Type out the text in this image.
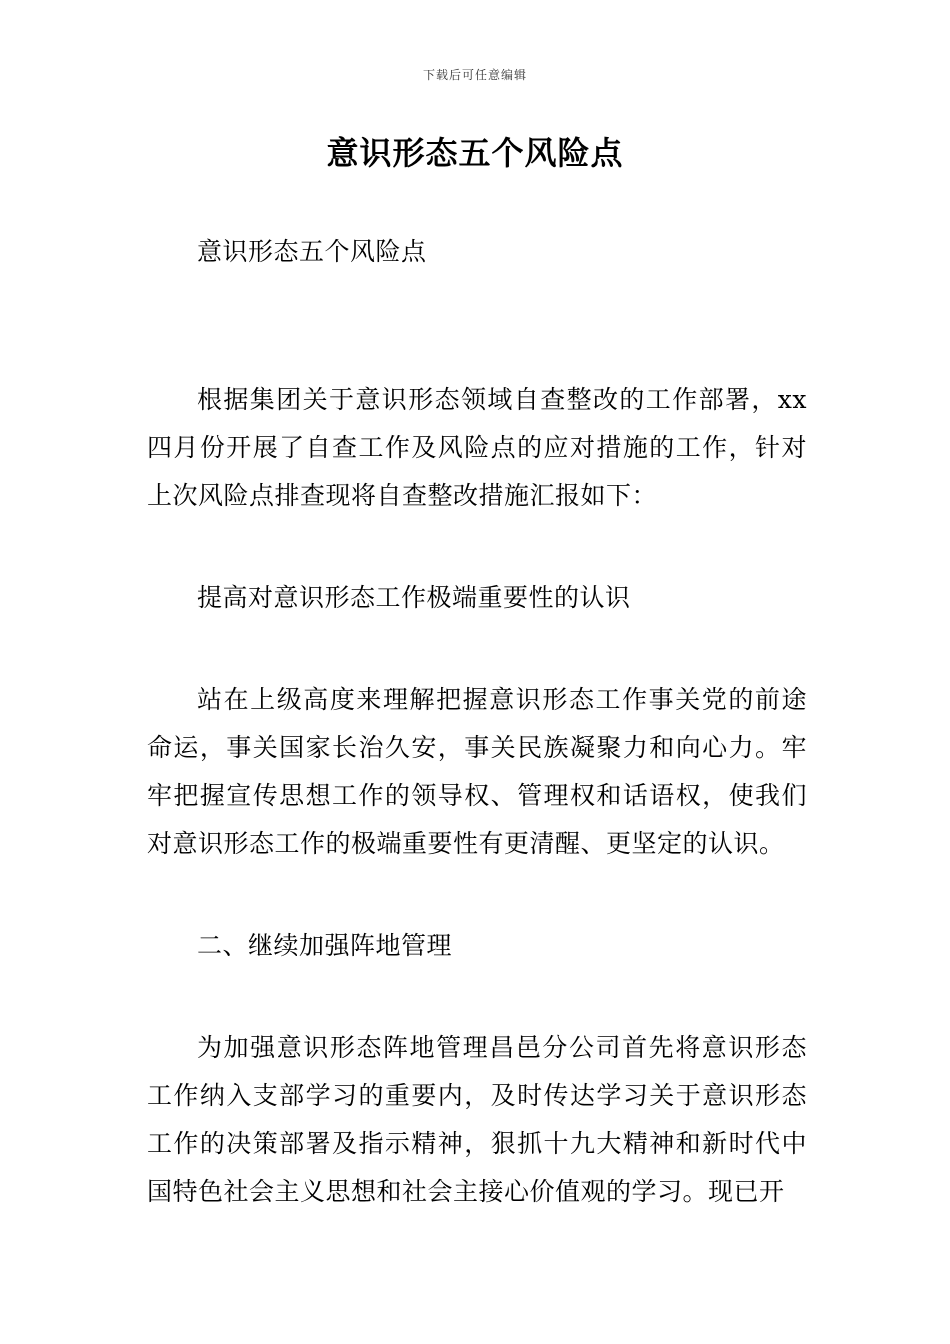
下载后可任意编辑
意识形态五个风险点

意识形态五个风险点

根据集团关于意识形态领域自查整改的工作部署，xx四月份开展了自查工作及风险点的应对措施的工作，针对上次风险点排查现将自查整改措施汇报如下：

提高对意识形态工作极端重要性的认识

站在上级高度来理解把握意识形态工作事关党的前途命运，事关国家长治久安，事关民族凝聚力和向心力。牢牢把握宣传思想工作的领导权、管理权和话语权，使我们对意识形态工作的极端重要性有更清醒、更坚定的认识。

二、继续加强阵地管理

为加强意识形态阵地管理昌邑分公司首先将意识形态工作纳入支部学习的重要内，及时传达学习关于意识形态工作的决策部署及指示精神，狠抓十九大精神和新时代中国特色社会主义思想和社会主接心价值观的学习。现已开
